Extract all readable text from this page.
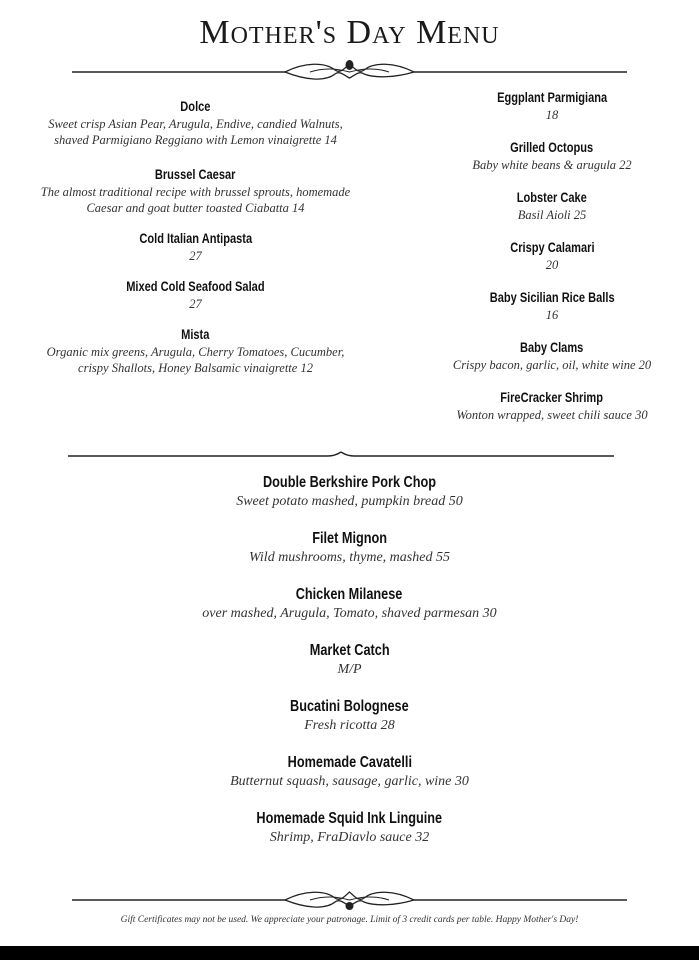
Mother's Day Menu
Dolce
Sweet crisp Asian Pear, Arugula, Endive, candied Walnuts,
shaved Parmigiano Reggiano with Lemon vinaigrette 14
Brussel Caesar
The almost traditional recipe with brussel sprouts, homemade
Caesar and goat butter toasted Ciabatta 14
Cold Italian Antipasta
27
Mixed Cold Seafood Salad
27
Mista
Organic mix greens, Arugula, Cherry Tomatoes, Cucumber,
crispy Shallots, Honey Balsamic vinaigrette 12
Eggplant Parmigiana
18
Grilled Octopus
Baby white beans & arugula 22
Lobster Cake
Basil Aioli 25
Crispy Calamari
20
Baby Sicilian Rice Balls
16
Baby Clams
Crispy bacon, garlic, oil, white wine 20
FireCracker Shrimp
Wonton wrapped, sweet chili sauce 30
Double Berkshire Pork Chop
Sweet potato mashed, pumpkin bread 50
Filet Mignon
Wild mushrooms, thyme, mashed 55
Chicken Milanese
over mashed, Arugula, Tomato, shaved parmesan 30
Market Catch
M/P
Bucatini Bolognese
Fresh ricotta 28
Homemade Cavatelli
Butternut squash, sausage, garlic, wine 30
Homemade Squid Ink Linguine
Shrimp, FraDiavlo sauce 32
Gift Certificates may not be used. We appreciate your patronage. Limit of 3 credit cards per table. Happy Mother's Day!
